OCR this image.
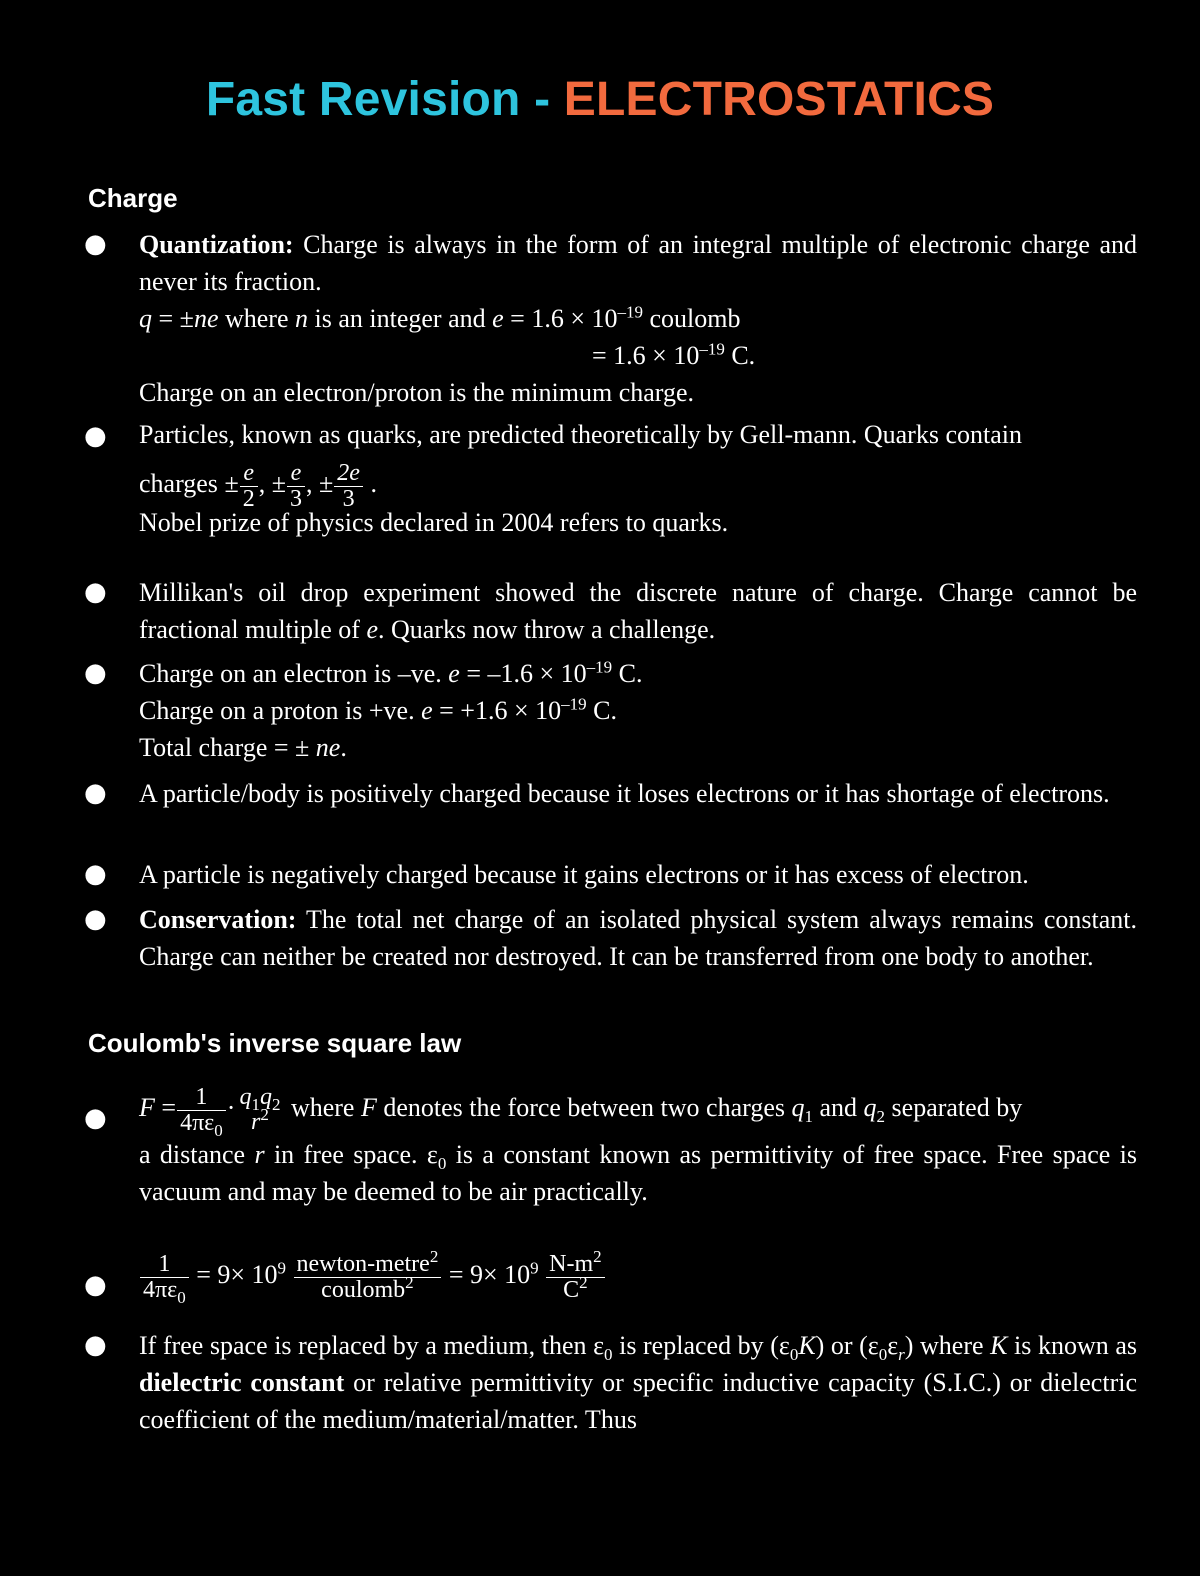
Fast Revision - ELECTROSTATICS
Charge
● Quantization: Charge is always in the form of an integral multiple of electronic charge and never its fraction.
q = ±ne where n is an integer and $e = 1.6 \times 10^{-19}$ coulomb
= $1.6 \times 10^{-19}$ C.
Charge on an electron/proton is the minimum charge.
● Particles, known as quarks, are predicted theoretically by Gell-mann. Quarks contain
charges ± $\frac{e}{2}$ , ± $\frac{e}{3}$ , ± $\frac{2e}{3}$ .
Nobel prize of physics declared in 2004 refers to quarks.
● Millikan's oil drop experiment showed the discrete nature of charge. Charge cannot be fractional multiple of e. Quarks now throw a challenge.
● Charge on an electron is –ve. $e = -1.6 \times 10^{-19}$ C.
Charge on a proton is +ve. $e = +1.6 \times 10^{-19}$ C.
Total charge = ± ne.
● A particle/body is positively charged because it loses electrons or it has shortage of electrons.
● A particle is negatively charged because it gains electrons or it has excess of electron.
● Conservation: The total net charge of an isolated physical system always remains constant. Charge can neither be created nor destroyed. It can be transferred from one body to another.
Coulomb's inverse square law
● $F = \frac{1}{4\pi\varepsilon_0} \cdot q_1q_2$
$r^2$ where F denotes the force between two charges $q_1$ and $q_2$ separated by
a distance r in free space. $\varepsilon_0$ is a constant known as permittivity of free space. Free space is vacuum and may be deemed to be air practically.
● $\frac{1}{4\pi\varepsilon_0} = 9\times 10^9 \frac{newton-metre^2}{coulomb^2} = 9\times 10^9 \frac{N-m^2}{C^2}$
● If free space is replaced by a medium, then $\varepsilon_0$ is replaced by $(\varepsilon_0K)$ or $(\varepsilon_0\varepsilon_r)$ where K is known as dielectric constant or relative permittivity or specific inductive capacity (S.I.C.) or dielectric coefficient of the medium/material/matter. Thus
